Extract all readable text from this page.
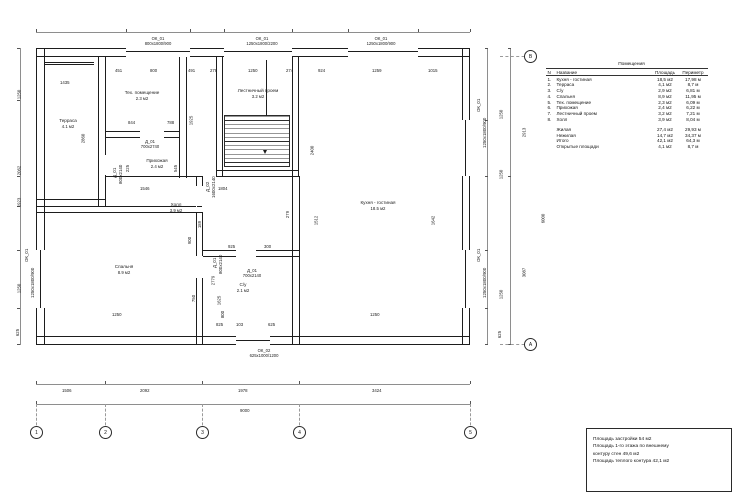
B
A
1	2	3	4	5
ОК_01
800х1800/900
ОК_01
1250х1800/2200
ОК_01
1250х1800/900
ОК_02
625х1000/1200
ОК_01
1250х1800/900
ОК_01
1250х1800/900
ОК_01
1250х1800/900
Д_01
700х2740
Д_01 800х2140
Д_02 1600х2140
Д_01 800х2140	Д_01
700х2140
Тех. помещение
2.3 м2
Терраса
4.1 м2
Лестничный проем
3.2 м2
Прихожая
2.4 м2
Холл
3.9 м2
Кухня - гостиная
18.5 м2
Спальня
8.9 м2
С/у
2.1 м2
451	800	491	278	1250	274	924	1259	1015
1435
844	788
1546	1804
925
1250
300
625
825	103
1250
1642
1512
2400
2779
750
2860
1925
1625
545
189
279
900
800
225
1250
2062
1923
1250
625
1250
1250
1250
625
2913
3087
6000
1506	2092	1978	3424
9000
	Помещения		
N	Название	Площадь	Периметр
1.	Кухня - гостиная	18,5 м2	17,98 м
2.	Терраса	4,1 м2	8,7 м
3.	С/у	2,9 м2	6,81 м
4.	Спальня	8,9 м2	11,95 м
5.	Тех. помещение	2,3 м2	6,09 м
6.	Прихожая	2,4 м2	6,22 м
7.	Лестничный проем	3,2 м2	7,21 м
8.	Холл	3,9 м2	8,04 м

	Жилая	27,4 м2	29,93 м
	Нежилая	14,7 м2	34,37 м
	Итого	42,1 м2	64,3 м
	Открытые площади	4,1 м2	8,7 м
Площадь застройки 54 м2
Площадь 1-го этажа по внешнему
контуру стен 49,6 м2
Площадь теплого контура 42,1 м2
